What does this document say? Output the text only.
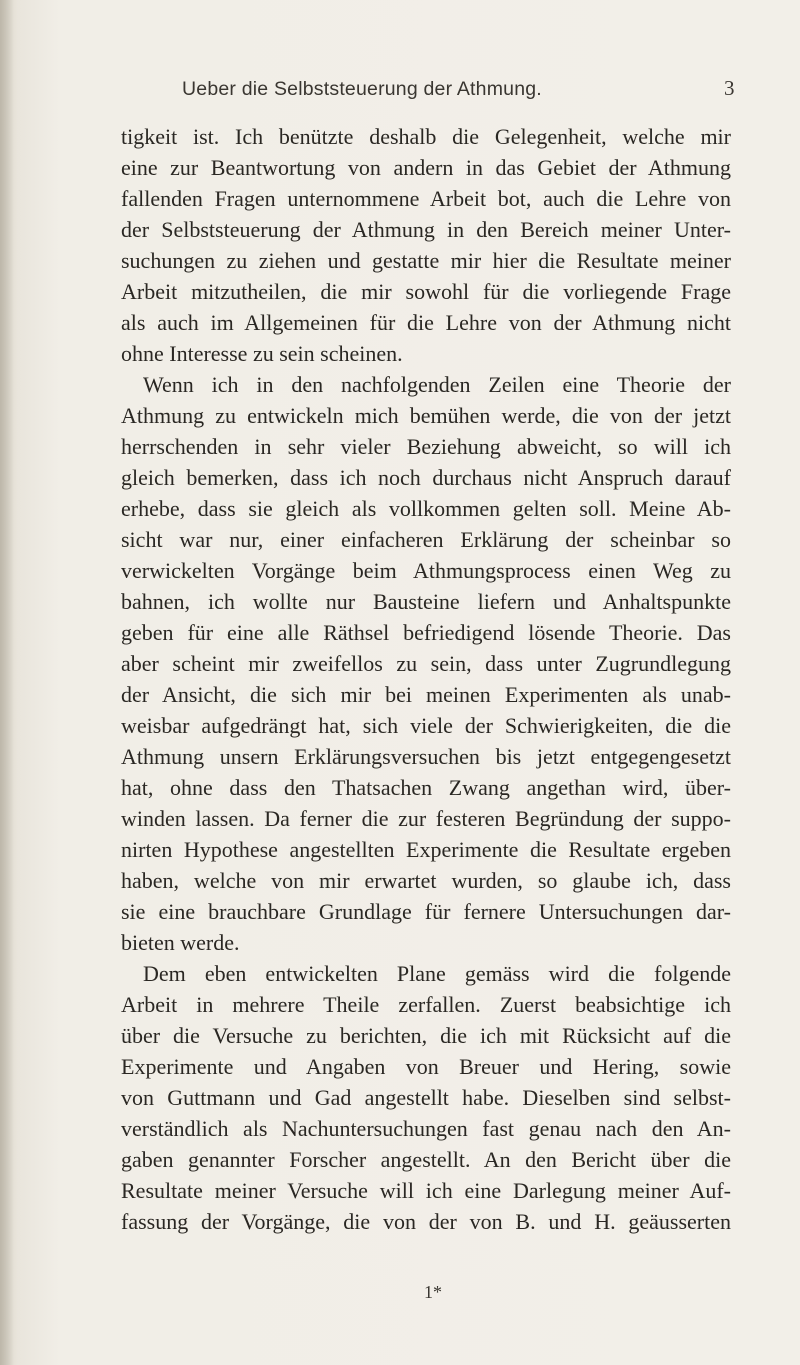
Ueber die Selbststeuerung der Athmung.	3
tigkeit ist. Ich benützte deshalb die Gelegenheit, welche mir
eine zur Beantwortung von andern in das Gebiet der Athmung
fallenden Fragen unternommene Arbeit bot, auch die Lehre von
der Selbststeuerung der Athmung in den Bereich meiner Unter-
suchungen zu ziehen und gestatte mir hier die Resultate meiner
Arbeit mitzutheilen, die mir sowohl für die vorliegende Frage
als auch im Allgemeinen für die Lehre von der Athmung nicht
ohne Interesse zu sein scheinen.
Wenn ich in den nachfolgenden Zeilen eine Theorie der
Athmung zu entwickeln mich bemühen werde, die von der jetzt
herrschenden in sehr vieler Beziehung abweicht, so will ich
gleich bemerken, dass ich noch durchaus nicht Anspruch darauf
erhebe, dass sie gleich als vollkommen gelten soll. Meine Ab-
sicht war nur, einer einfacheren Erklärung der scheinbar so
verwickelten Vorgänge beim Athmungsprocess einen Weg zu
bahnen, ich wollte nur Bausteine liefern und Anhaltspunkte
geben für eine alle Räthsel befriedigend lösende Theorie. Das
aber scheint mir zweifellos zu sein, dass unter Zugrundlegung
der Ansicht, die sich mir bei meinen Experimenten als unab-
weisbar aufgedrängt hat, sich viele der Schwierigkeiten, die die
Athmung unsern Erklärungsversuchen bis jetzt entgegengesetzt
hat, ohne dass den Thatsachen Zwang angethan wird, über-
winden lassen. Da ferner die zur festeren Begründung der suppo-
nirten Hypothese angestellten Experimente die Resultate ergeben
haben, welche von mir erwartet wurden, so glaube ich, dass
sie eine brauchbare Grundlage für fernere Untersuchungen dar-
bieten werde.
Dem eben entwickelten Plane gemäss wird die folgende
Arbeit in mehrere Theile zerfallen. Zuerst beabsichtige ich
über die Versuche zu berichten, die ich mit Rücksicht auf die
Experimente und Angaben von Breuer und Hering, sowie
von Guttmann und Gad angestellt habe. Dieselben sind selbst-
verständlich als Nachuntersuchungen fast genau nach den An-
gaben genannter Forscher angestellt. An den Bericht über die
Resultate meiner Versuche will ich eine Darlegung meiner Auf-
fassung der Vorgänge, die von der von B. und H. geäusserten
1*
